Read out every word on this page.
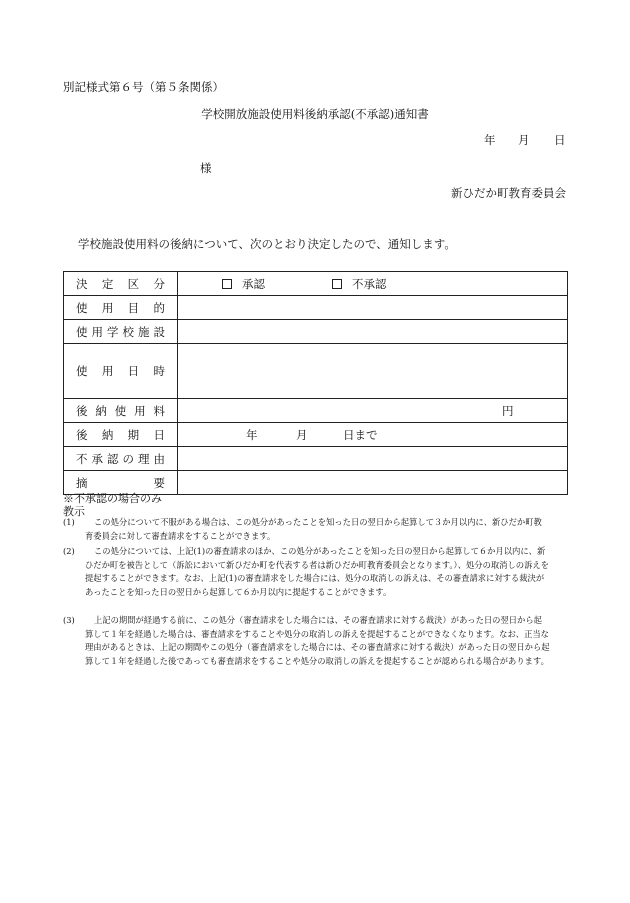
別記様式第６号（第５条関係）
学校開放施設使用料後納承認(不承認)通知書
年 月 日
様
新ひだか町教育委員会
学校施設使用料の後納について、次のとおり決定したので、通知します。
決定区分	承認 不承認

使用目的	
使用学校施設	
使用日時	
後納使用料	円

後納期日	年 月 日まで

不承認の理由	
摘要	
※不承認の場合のみ
教示
(1)	この処分について不服がある場合は、この処分があったことを知った日の翌日から起算して３か月以内に、新ひだか町教育委員会に対して審査請求をすることができます。
(2)	この処分については、上記(1)の審査請求のほか、この処分があったことを知った日の翌日から起算して６か月以内に、新ひだか町を被告として（訴訟において新ひだか町を代表する者は新ひだか町教育委員会となります。）、処分の取消しの訴えを提起することができます。なお、上記(1)の審査請求をした場合には、処分の取消しの訴えは、その審査請求に対する裁決があったことを知った日の翌日から起算して６か月以内に提起することができます。
(3)	上記の期間が経過する前に、この処分（審査請求をした場合には、その審査請求に対する裁決）があった日の翌日から起算して１年を経過した場合は、審査請求をすることや処分の取消しの訴えを提起することができなくなります。なお、正当な理由があるときは、上記の期間やこの処分（審査請求をした場合には、その審査請求に対する裁決）があった日の翌日から起算して１年を経過した後であっても審査請求をすることや処分の取消しの訴えを提起することが認められる場合があります。
